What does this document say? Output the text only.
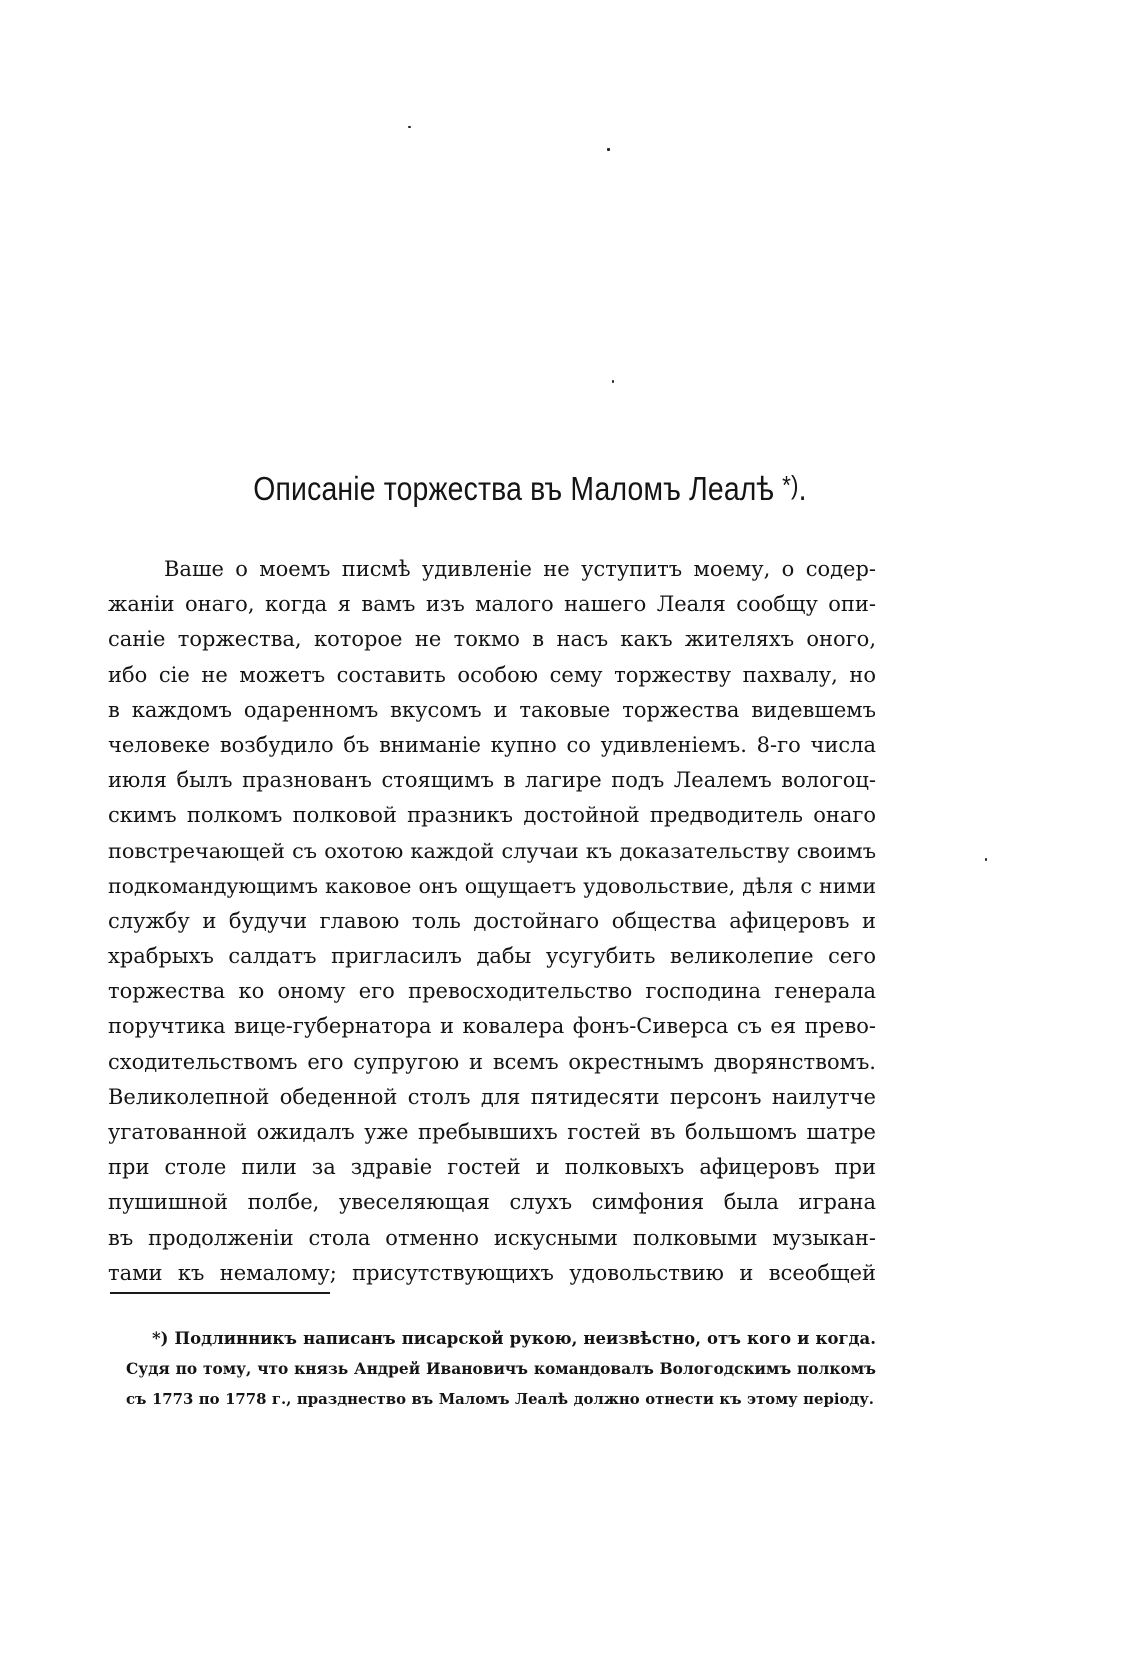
Описаніе торжества въ Маломъ Леалѣ *).
Ваше о моемъ писмѣ удивленіе не уступитъ моему, о содер-
жаніи онаго, когда я вамъ изъ малого нашего Леаля сообщу опи-
саніе торжества, которое не токмо в насъ какъ жителяхъ оного,
ибо сіе не можетъ составить особою сему торжеству пахвалу, но
в каждомъ одаренномъ вкусомъ и таковые торжества видевшемъ
человеке возбудило бъ вниманіе купно со удивленіемъ. 8-го числа
июля былъ празнованъ стоящимъ в лагире подъ Леалемъ вологоц-
скимъ полкомъ полковой празникъ достойной предводитель онаго
повстречающей съ охотою каждой случаи къ доказательству своимъ
подкомандующимъ каковое онъ ощущаетъ удовольствие, дѣля с ними
службу и будучи главою толь достойнаго общества афицеровъ и
храбрыхъ салдатъ пригласилъ дабы усугубить великолепие сего
торжества ко оному его превосходительство господина генерала
поручтика вице-губернатора и ковалера фонъ-Сиверса съ ея прево-
сходительствомъ его супругою и всемъ окрестнымъ дворянствомъ.
Великолепной обеденной столъ для пятидесяти персонъ наилутче
угатованной ожидалъ уже пребывшихъ гостей въ большомъ шатре
при столе пили за здравіе гостей и полковыхъ афицеровъ при
пушишной полбе, увеселяющая слухъ симфония была играна
въ продолженіи стола отменно искусными полковыми музыкан-
тами къ немалому; присутствующихъ удовольствию и всеобщей
*) Подлинникъ написанъ писарской рукою, неизвѣстно, отъ кого и когда.
Судя по тому, что князь Андрей Ивановичъ командовалъ Вологодскимъ полкомъ
съ 1773 по 1778 г., празднество въ Маломъ Леалѣ должно отнести къ этому періоду.
